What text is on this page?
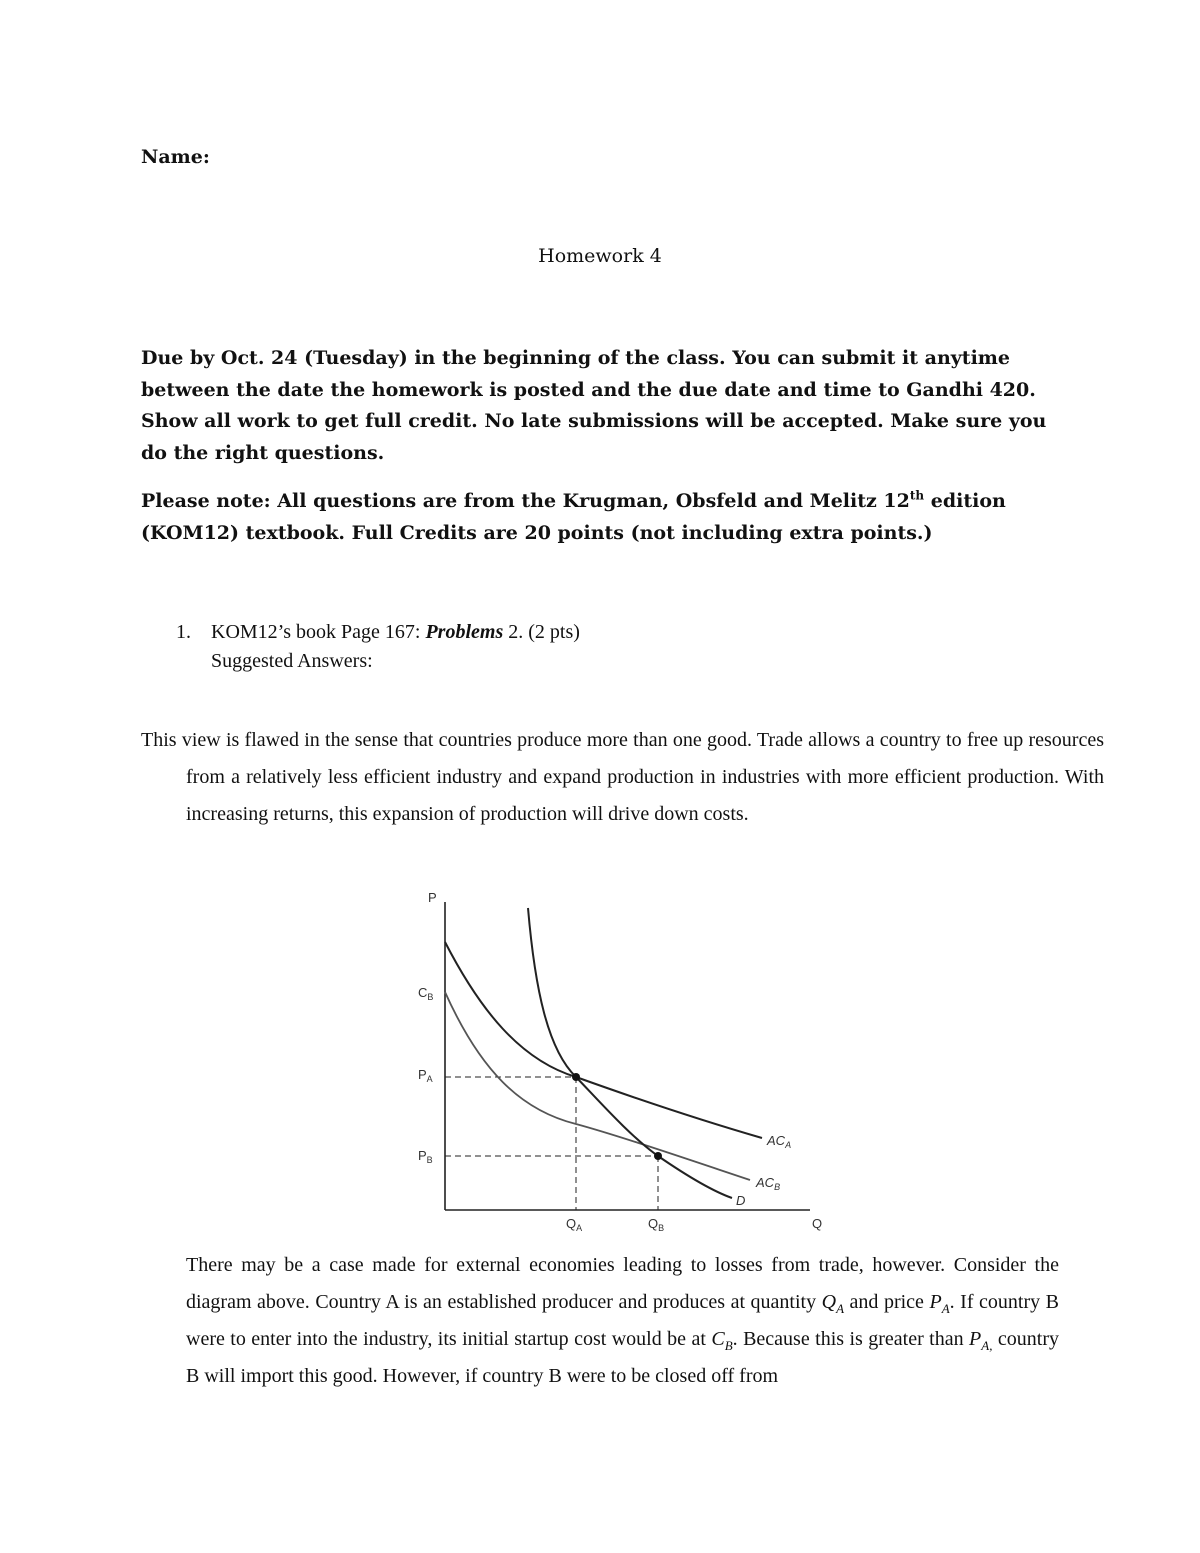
Name:
Homework 4
Due by Oct. 24 (Tuesday) in the beginning of the class. You can submit it anytime between the date the homework is posted and the due date and time to Gandhi 420. Show all work to get full credit. No late submissions will be accepted. Make sure you do the right questions.
Please note: All questions are from the Krugman, Obsfeld and Melitz 12th edition (KOM12) textbook. Full Credits are 20 points (not including extra points.)
1. KOM12’s book Page 167: Problems 2. (2 pts)
Suggested Answers:
This view is flawed in the sense that countries produce more than one good. Trade allows a country to free up resources from a relatively less efficient industry and expand production in industries with more efficient production. With increasing returns, this expansion of production will drive down costs.
P
Q
$C_B$
$P_A$
$P_B$
$Q_A$	$Q_B$
$AC_A$
$AC_B$
D
There may be a case made for external economies leading to losses from trade, however. Consider the diagram above. Country A is an established producer and produces at quantity $Q_A$ and price $P_A$. If country B were to enter into the industry, its initial startup cost would be at $C_B$. Because this is greater than $P_{A,}$ country B will import this good. However, if country B were to be closed off from
